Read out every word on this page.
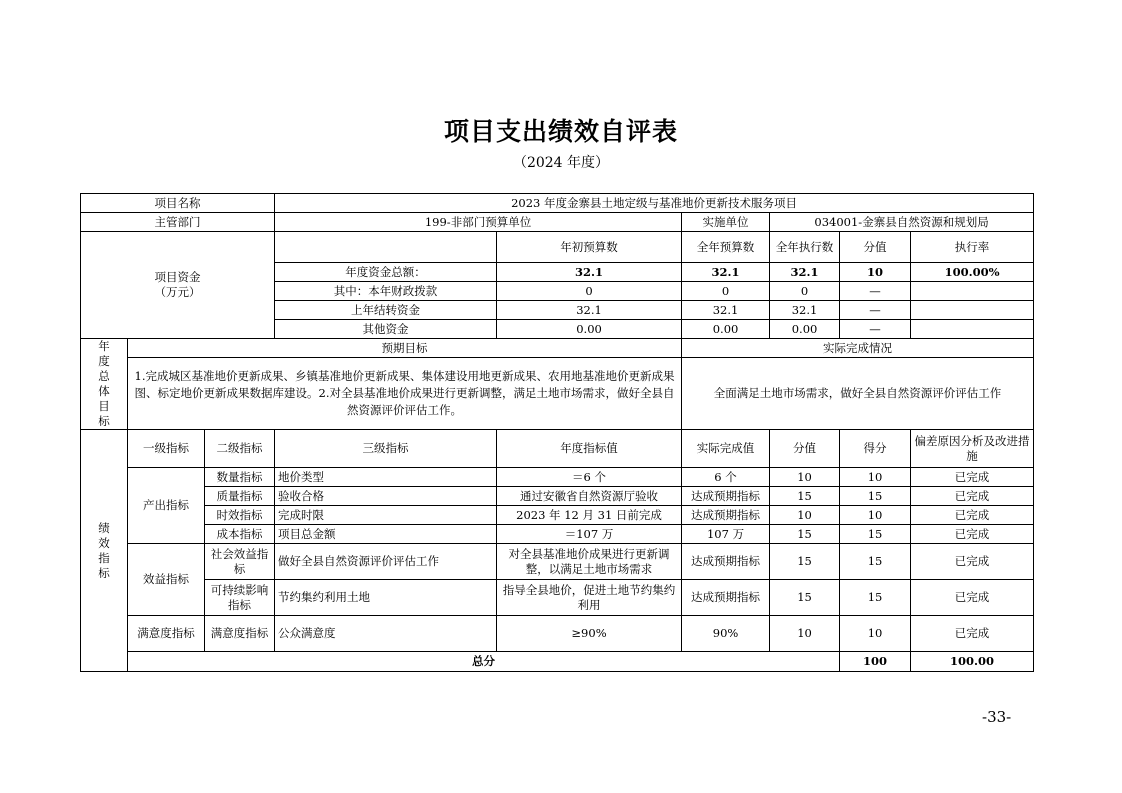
项目支出绩效自评表
（2024 年度）
项目名称			2023 年度金寨县土地定级与基准地价更新技术服务项目						
主管部门			199-非部门预算单位		实施单位	034001-金寨县自然资源和规划局			

项目资金
（万元）				年初预算数	全年预算数	全年执行数	分值	执行率	
			年度资金总额：	32.1	32.1	32.1	10	100.00%	
			其中：本年财政拨款	0	0	0	—		
			上年结转资金	32.1	32.1	32.1	—		
			其他资金	0.00	0.00	0.00	—		

年度总体目标	预期目标				实际完成情况				
	1.完成城区基准地价更新成果、乡镇基准地价更新成果、集体建设用地更新成果、农用地基准地价更新成果图、标定地价更新成果数据库建设。2.对全县基准地价成果进行更新调整，满足土地市场需求，做好全县自然资源评价评估工作。				全面满足土地市场需求，做好全县自然资源评价评估工作				

绩效指标	一级指标	二级指标	三级指标	年度指标值	实际完成值	分值	得分	偏差原因分析及改进措施	
	产出指标	数量指标	地价类型	＝6 个	6 个	10	10	已完成	
		质量指标	验收合格	通过安徽省自然资源厅验收	达成预期指标	15	15	已完成	
		时效指标	完成时限	2023 年 12 月 31 日前完成	达成预期指标	10	10	已完成	
		成本指标	项目总金额	＝107 万	107 万	15	15	已完成	
	效益指标	社会效益指标	做好全县自然资源评价评估工作	对全县基准地价成果进行更新调整，以满足土地市场需求	达成预期指标	15	15	已完成	
		可持续影响指标	节约集约利用土地	指导全县地价，促进土地节约集约利用	达成预期指标	15	15	已完成	
	满意度指标	满意度指标	公众满意度	≥90%	90%	10	10	已完成	
	总分						100	100.00	
-33-
